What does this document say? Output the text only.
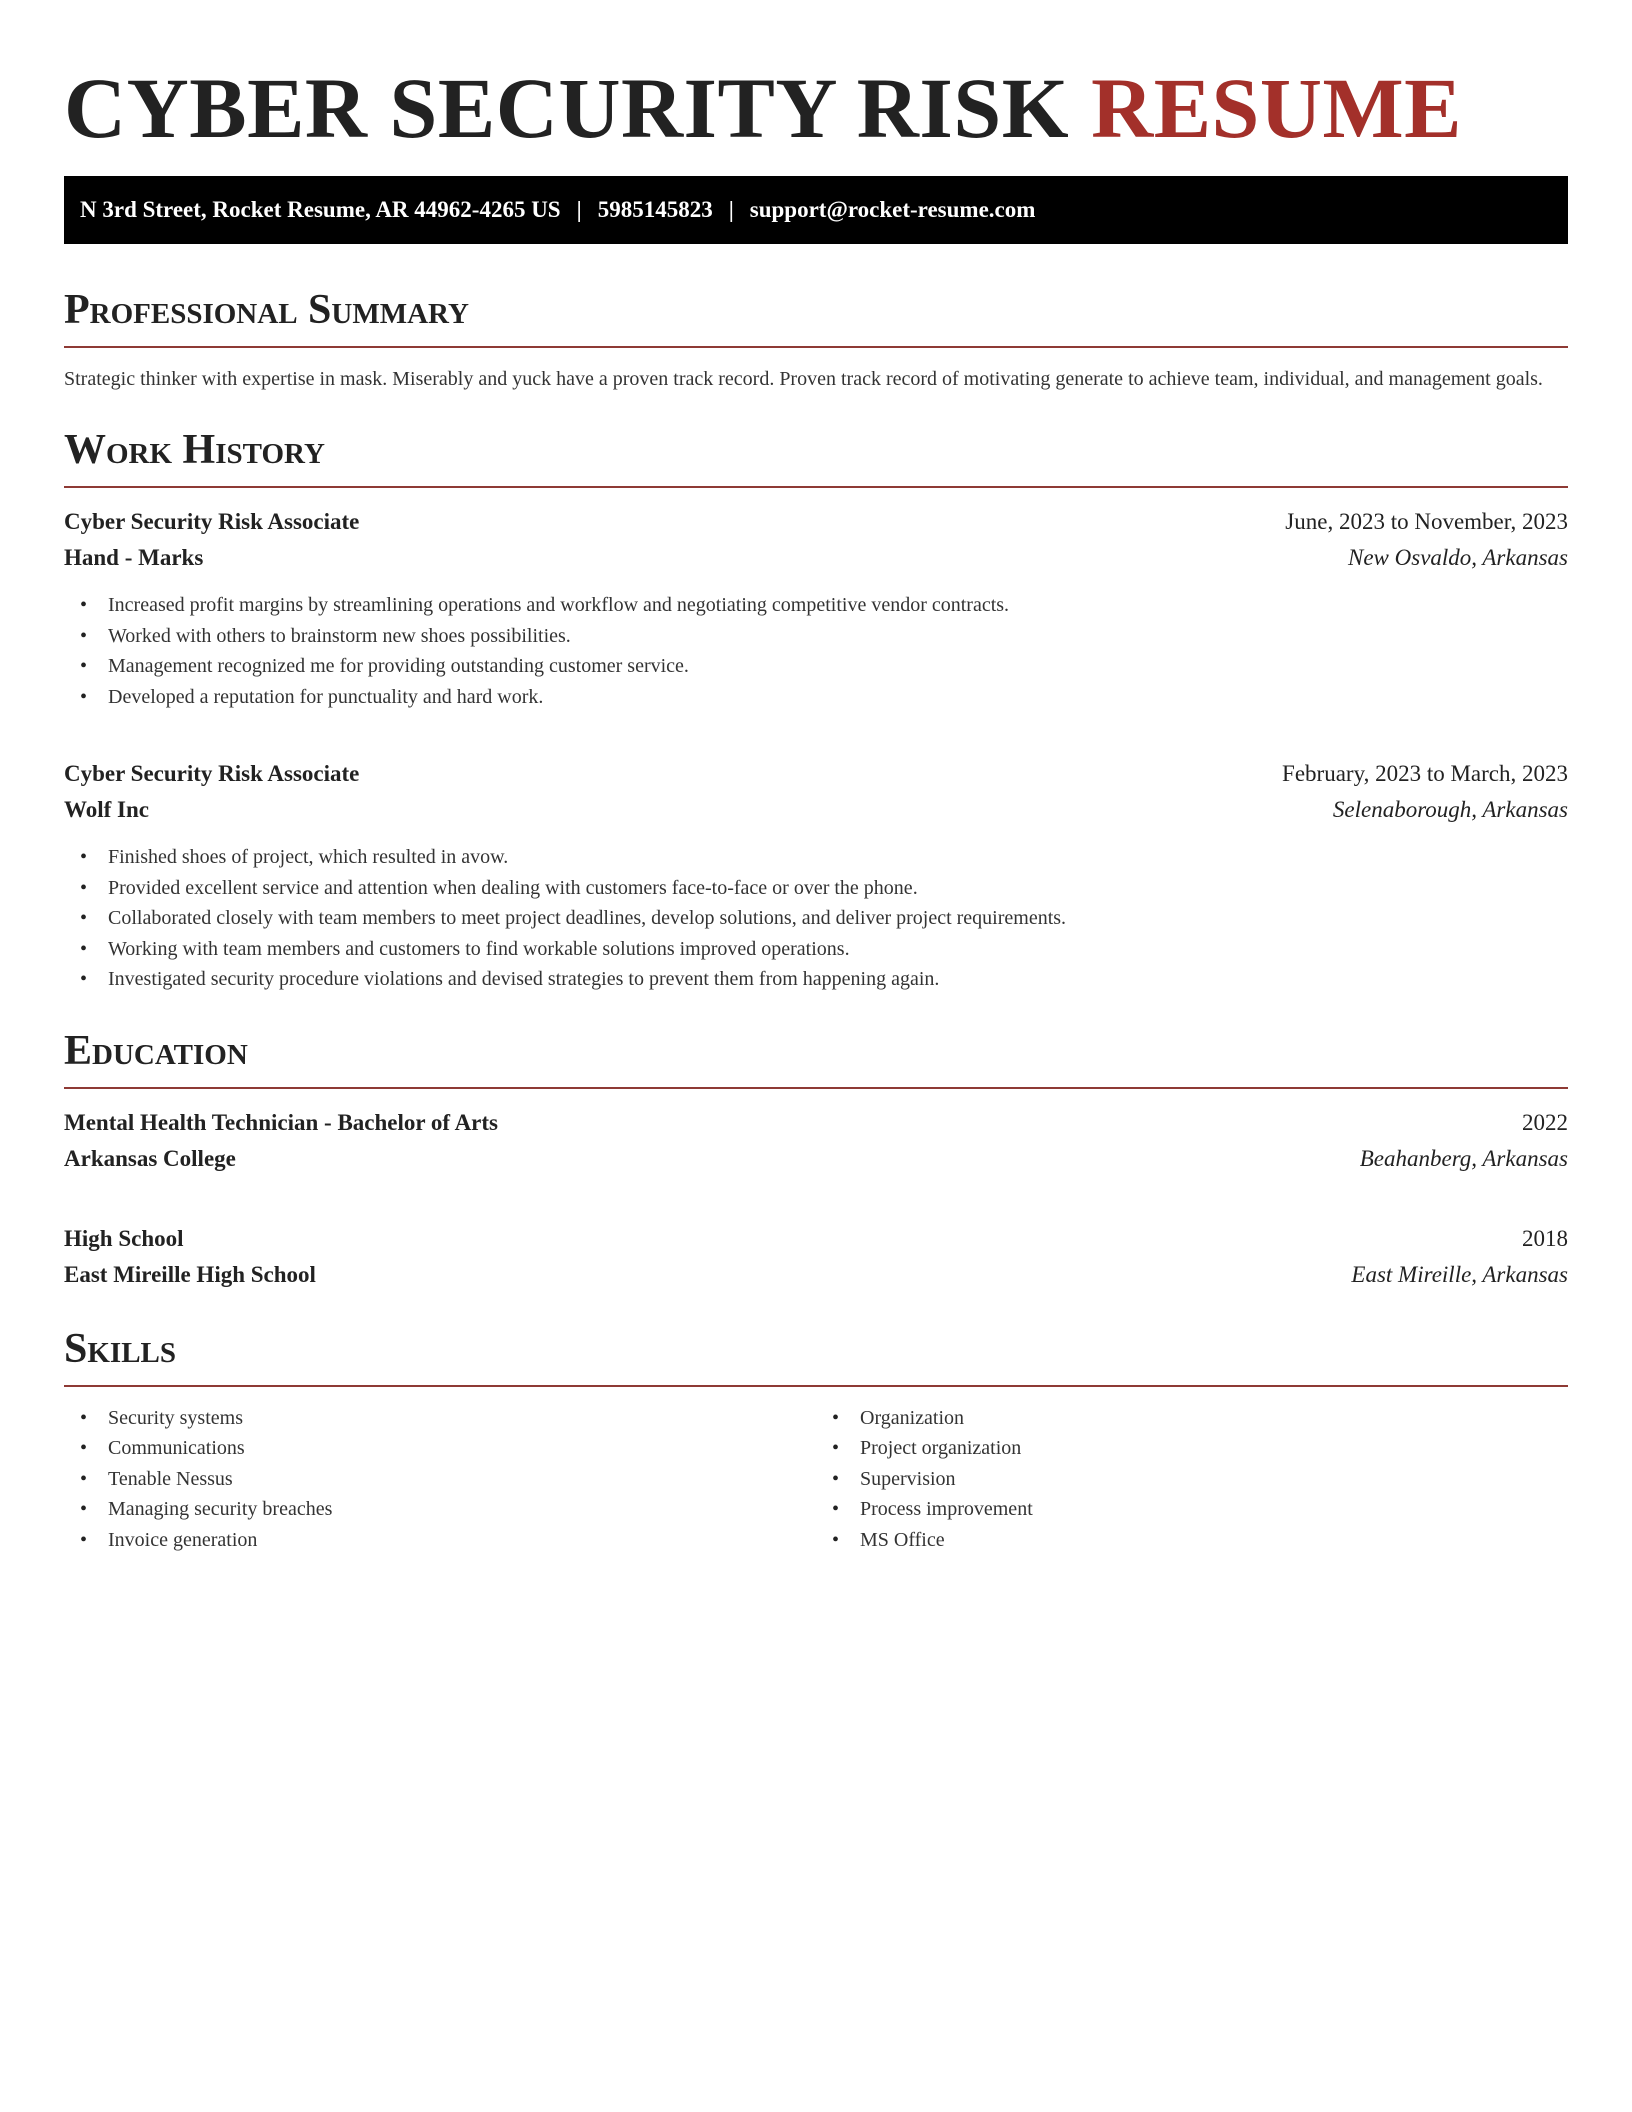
CYBER SECURITY RISK RESUME
N 3rd Street, Rocket Resume, AR 44962-4265 US | 5985145823 | support@rocket-resume.com
Professional Summary

Strategic thinker with expertise in mask. Miserably and yuck have a proven track record. Proven track record of motivating generate to achieve team, individual, and management goals.

Work History
Cyber Security Risk Associate	June, 2023 to November, 2023
Hand - Marks	New Osvaldo, Arkansas
• Increased profit margins by streamlining operations and workflow and negotiating competitive vendor contracts.
• Worked with others to brainstorm new shoes possibilities.
• Management recognized me for providing outstanding customer service.
• Developed a reputation for punctuality and hard work.
Cyber Security Risk Associate	February, 2023 to March, 2023
Wolf Inc	Selenaborough, Arkansas
• Finished shoes of project, which resulted in avow.
• Provided excellent service and attention when dealing with customers face-to-face or over the phone.
• Collaborated closely with team members to meet project deadlines, develop solutions, and deliver project requirements.
• Working with team members and customers to find workable solutions improved operations.
• Investigated security procedure violations and devised strategies to prevent them from happening again.
Education
Mental Health Technician - Bachelor of Arts	2022
Arkansas College	Beahanberg, Arkansas
High School	2018
East Mireille High School	East Mireille, Arkansas
Skills
• Security systems
• Communications
• Tenable Nessus
• Managing security breaches
• Invoice generation
• Organization
• Project organization
• Supervision
• Process improvement
• MS Office
